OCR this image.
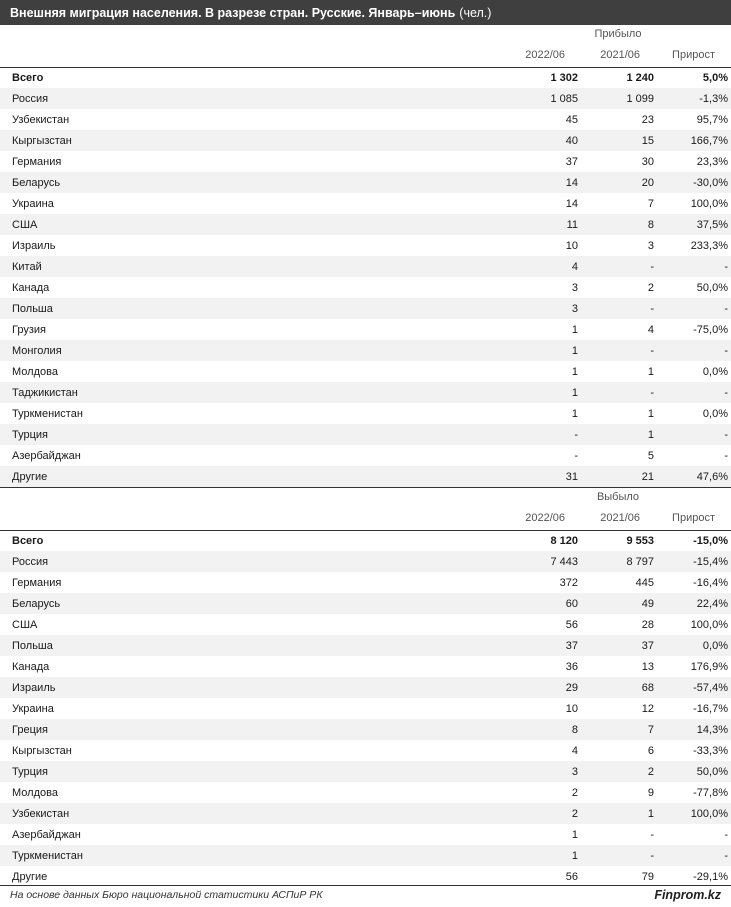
Внешняя миграция населения. В разрезе стран. Русские. Январь–июнь (чел.)
Прибыло
2022/06	2021/06	Прирост
Всего	1 302	1 240	5,0%
Россия	1 085	1 099	-1,3%
Узбекистан	45	23	95,7%
Кыргызстан	40	15	166,7%
Германия	37	30	23,3%
Беларусь	14	20	-30,0%
Украина	14	7	100,0%
США	11	8	37,5%
Израиль	10	3	233,3%
Китай	4	-	-
Канада	3	2	50,0%
Польша	3	-	-
Грузия	1	4	-75,0%
Монголия	1	-	-
Молдова	1	1	0,0%
Таджикистан	1	-	-
Туркменистан	1	1	0,0%
Турция	-	1	-
Азербайджан	-	5	-
Другие	31	21	47,6%
Выбыло
2022/06	2021/06	Прирост
Всего	8 120	9 553	-15,0%
Россия	7 443	8 797	-15,4%
Германия	372	445	-16,4%
Беларусь	60	49	22,4%
США	56	28	100,0%
Польша	37	37	0,0%
Канада	36	13	176,9%
Израиль	29	68	-57,4%
Украина	10	12	-16,7%
Греция	8	7	14,3%
Кыргызстан	4	6	-33,3%
Турция	3	2	50,0%
Молдова	2	9	-77,8%
Узбекистан	2	1	100,0%
Азербайджан	1	-	-
Туркменистан	1	-	-
Другие	56	79	-29,1%
На основе данных Бюро национальной статистики АСПиР РК	Finprom.kz
